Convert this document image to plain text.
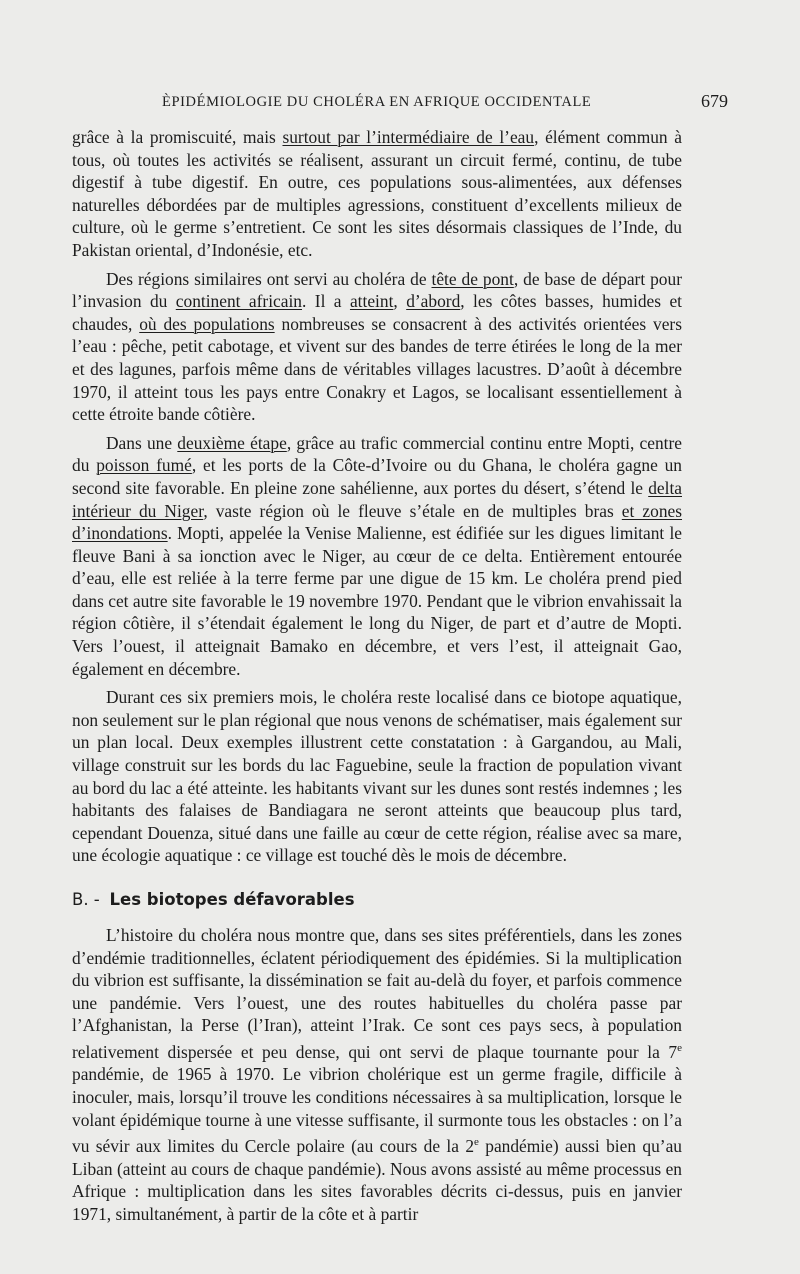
ÈPIDÉMIOLOGIE DU CHOLÉRA EN AFRIQUE OCCIDENTALE	679

grâce à la promiscuité, mais surtout par l’intermédiaire de l’eau, élément commun à tous, où toutes les activités se réalisent, assurant un circuit fermé, continu, de tube digestif à tube digestif. En outre, ces populations sous-alimentées, aux défenses naturelles débordées par de multiples agressions, constituent d’excellents milieux de culture, où le germe s’entretient. Ce sont les sites désormais classiques de l’Inde, du Pakistan oriental, d’Indonésie, etc.

Des régions similaires ont servi au choléra de tête de pont, de base de départ pour l’invasion du continent africain. Il a atteint, d’abord, les côtes basses, humides et chaudes, où des populations nombreuses se consacrent à des activités orientées vers l’eau : pêche, petit cabotage, et vivent sur des bandes de terre étirées le long de la mer et des lagunes, parfois même dans de véritables villages lacustres. D’août à décembre 1970, il atteint tous les pays entre Conakry et Lagos, se localisant essentiellement à cette étroite bande côtière.

Dans une deuxième étape, grâce au trafic commercial continu entre Mopti, centre du poisson fumé, et les ports de la Côte-d’Ivoire ou du Ghana, le choléra gagne un second site favorable. En pleine zone sahélienne, aux portes du désert, s’étend le delta intérieur du Niger, vaste région où le fleuve s’étale en de multiples bras et zones d’inondations. Mopti, appelée la Venise Malienne, est édifiée sur les digues limitant le fleuve Bani à sa ionction avec le Niger, au cœur de ce delta. Entièrement entourée d’eau, elle est reliée à la terre ferme par une digue de 15 km. Le choléra prend pied dans cet autre site favorable le 19 novembre 1970. Pendant que le vibrion envahissait la région côtière, il s’étendait également le long du Niger, de part et d’autre de Mopti. Vers l’ouest, il atteignait Bamako en décembre, et vers l’est, il atteignait Gao, également en décembre.

Durant ces six premiers mois, le choléra reste localisé dans ce biotope aquatique, non seulement sur le plan régional que nous venons de schématiser, mais également sur un plan local. Deux exemples illustrent cette constatation : à Gargandou, au Mali, village construit sur les bords du lac Faguebine, seule la fraction de population vivant au bord du lac a été atteinte. les habitants vivant sur les dunes sont restés indemnes ; les habitants des falaises de Bandiagara ne seront atteints que beaucoup plus tard, cependant Douenza, situé dans une faille au cœur de cette région, réalise avec sa mare, une écologie aquatique : ce village est touché dès le mois de décembre.

B. - Les biotopes défavorables

L’histoire du choléra nous montre que, dans ses sites préférentiels, dans les zones d’endémie traditionnelles, éclatent périodiquement des épidémies. Si la multiplication du vibrion est suffisante, la dissémination se fait au-delà du foyer, et parfois commence une pandémie. Vers l’ouest, une des routes habituelles du choléra passe par l’Afghanistan, la Perse (l’Iran), atteint l’Irak. Ce sont ces pays secs, à population relativement dispersée et peu dense, qui ont servi de plaque tournante pour la 7e pandémie, de 1965 à 1970. Le vibrion cholérique est un germe fragile, difficile à inoculer, mais, lorsqu’il trouve les conditions nécessaires à sa multiplication, lorsque le volant épidémique tourne à une vitesse suffisante, il surmonte tous les obstacles : on l’a vu sévir aux limites du Cercle polaire (au cours de la 2e pandémie) aussi bien qu’au Liban (atteint au cours de chaque pandémie). Nous avons assisté au même processus en Afrique : multiplication dans les sites favorables décrits ci-dessus, puis en janvier 1971, simultanément, à partir de la côte et à partir
